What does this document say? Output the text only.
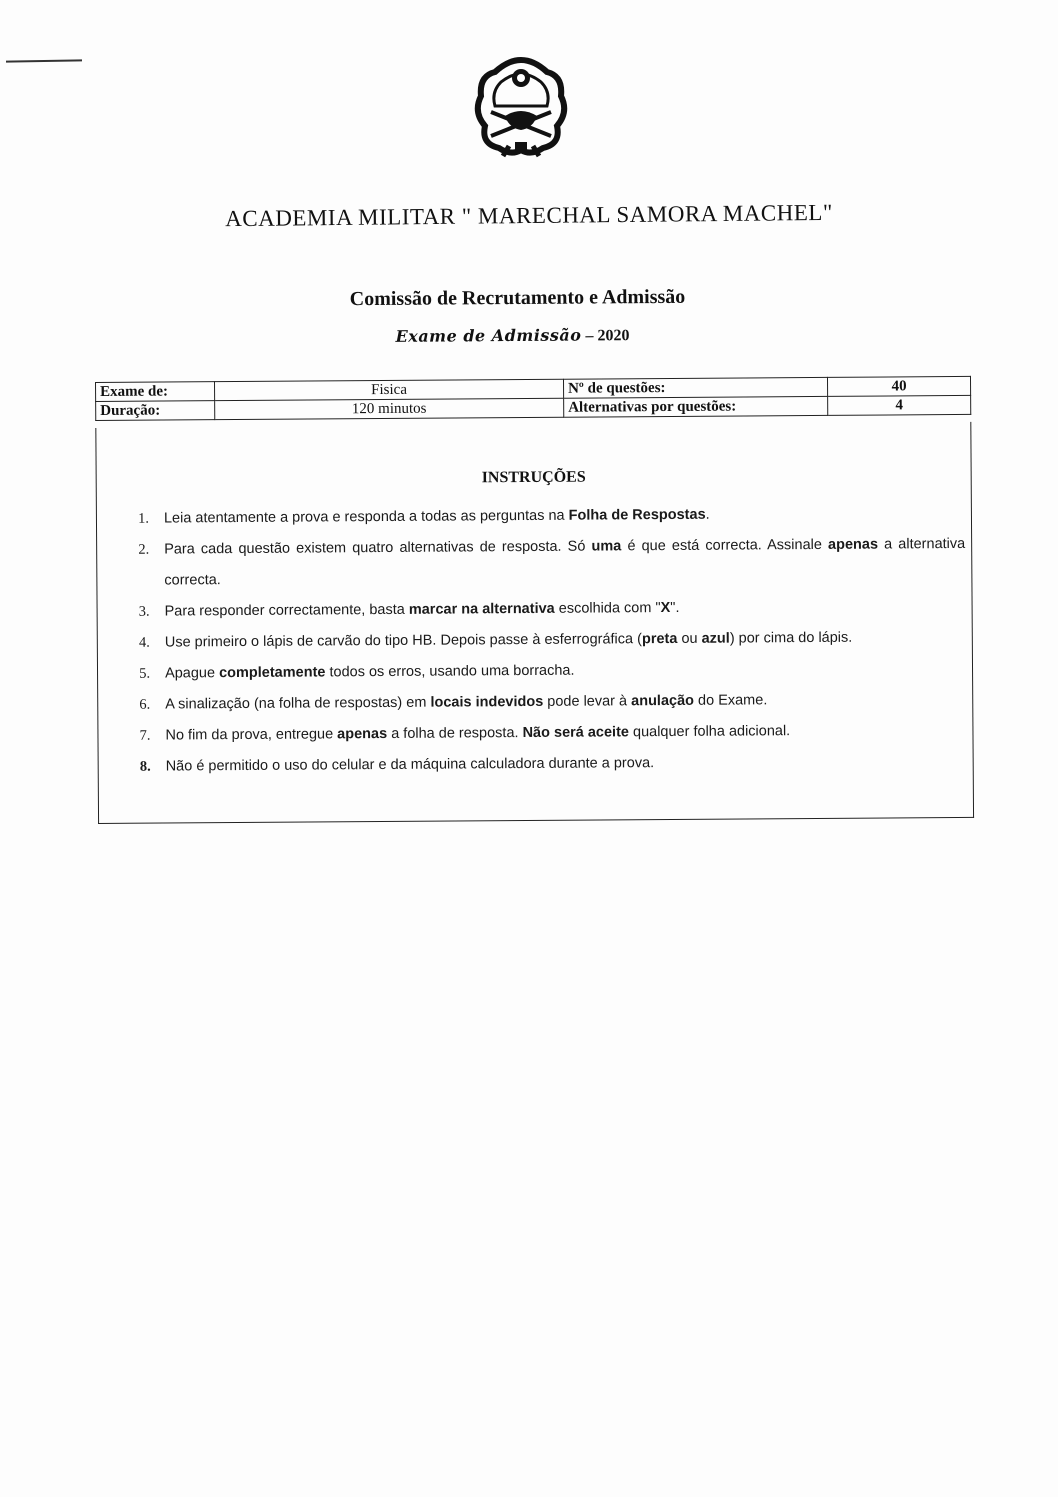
ACADEMIA MILITAR " MARECHAL SAMORA MACHEL"
Comissão de Recrutamento e Admissão
Exame de Admissão – 2020
Exame de:	Fisica	Nº de questões:	40
Duração:	120 minutos	Alternativas por questões:	4
INSTRUÇÕES
1. Leia atentamente a prova e responda a todas as perguntas na Folha de Respostas.
2. Para cada questão existem quatro alternativas de resposta. Só uma é que está correcta. Assinale apenas a alternativa correcta.
3. Para responder correctamente, basta marcar na alternativa escolhida com "X".
4. Use primeiro o lápis de carvão do tipo HB. Depois passe à esferrográfica (preta ou azul) por cima do lápis.
5. Apague completamente todos os erros, usando uma borracha.
6. A sinalização (na folha de respostas) em locais indevidos pode levar à anulação do Exame.
7. No fim da prova, entregue apenas a folha de resposta. Não será aceite qualquer folha adicional.
8. Não é permitido o uso do celular e da máquina calculadora durante a prova.
